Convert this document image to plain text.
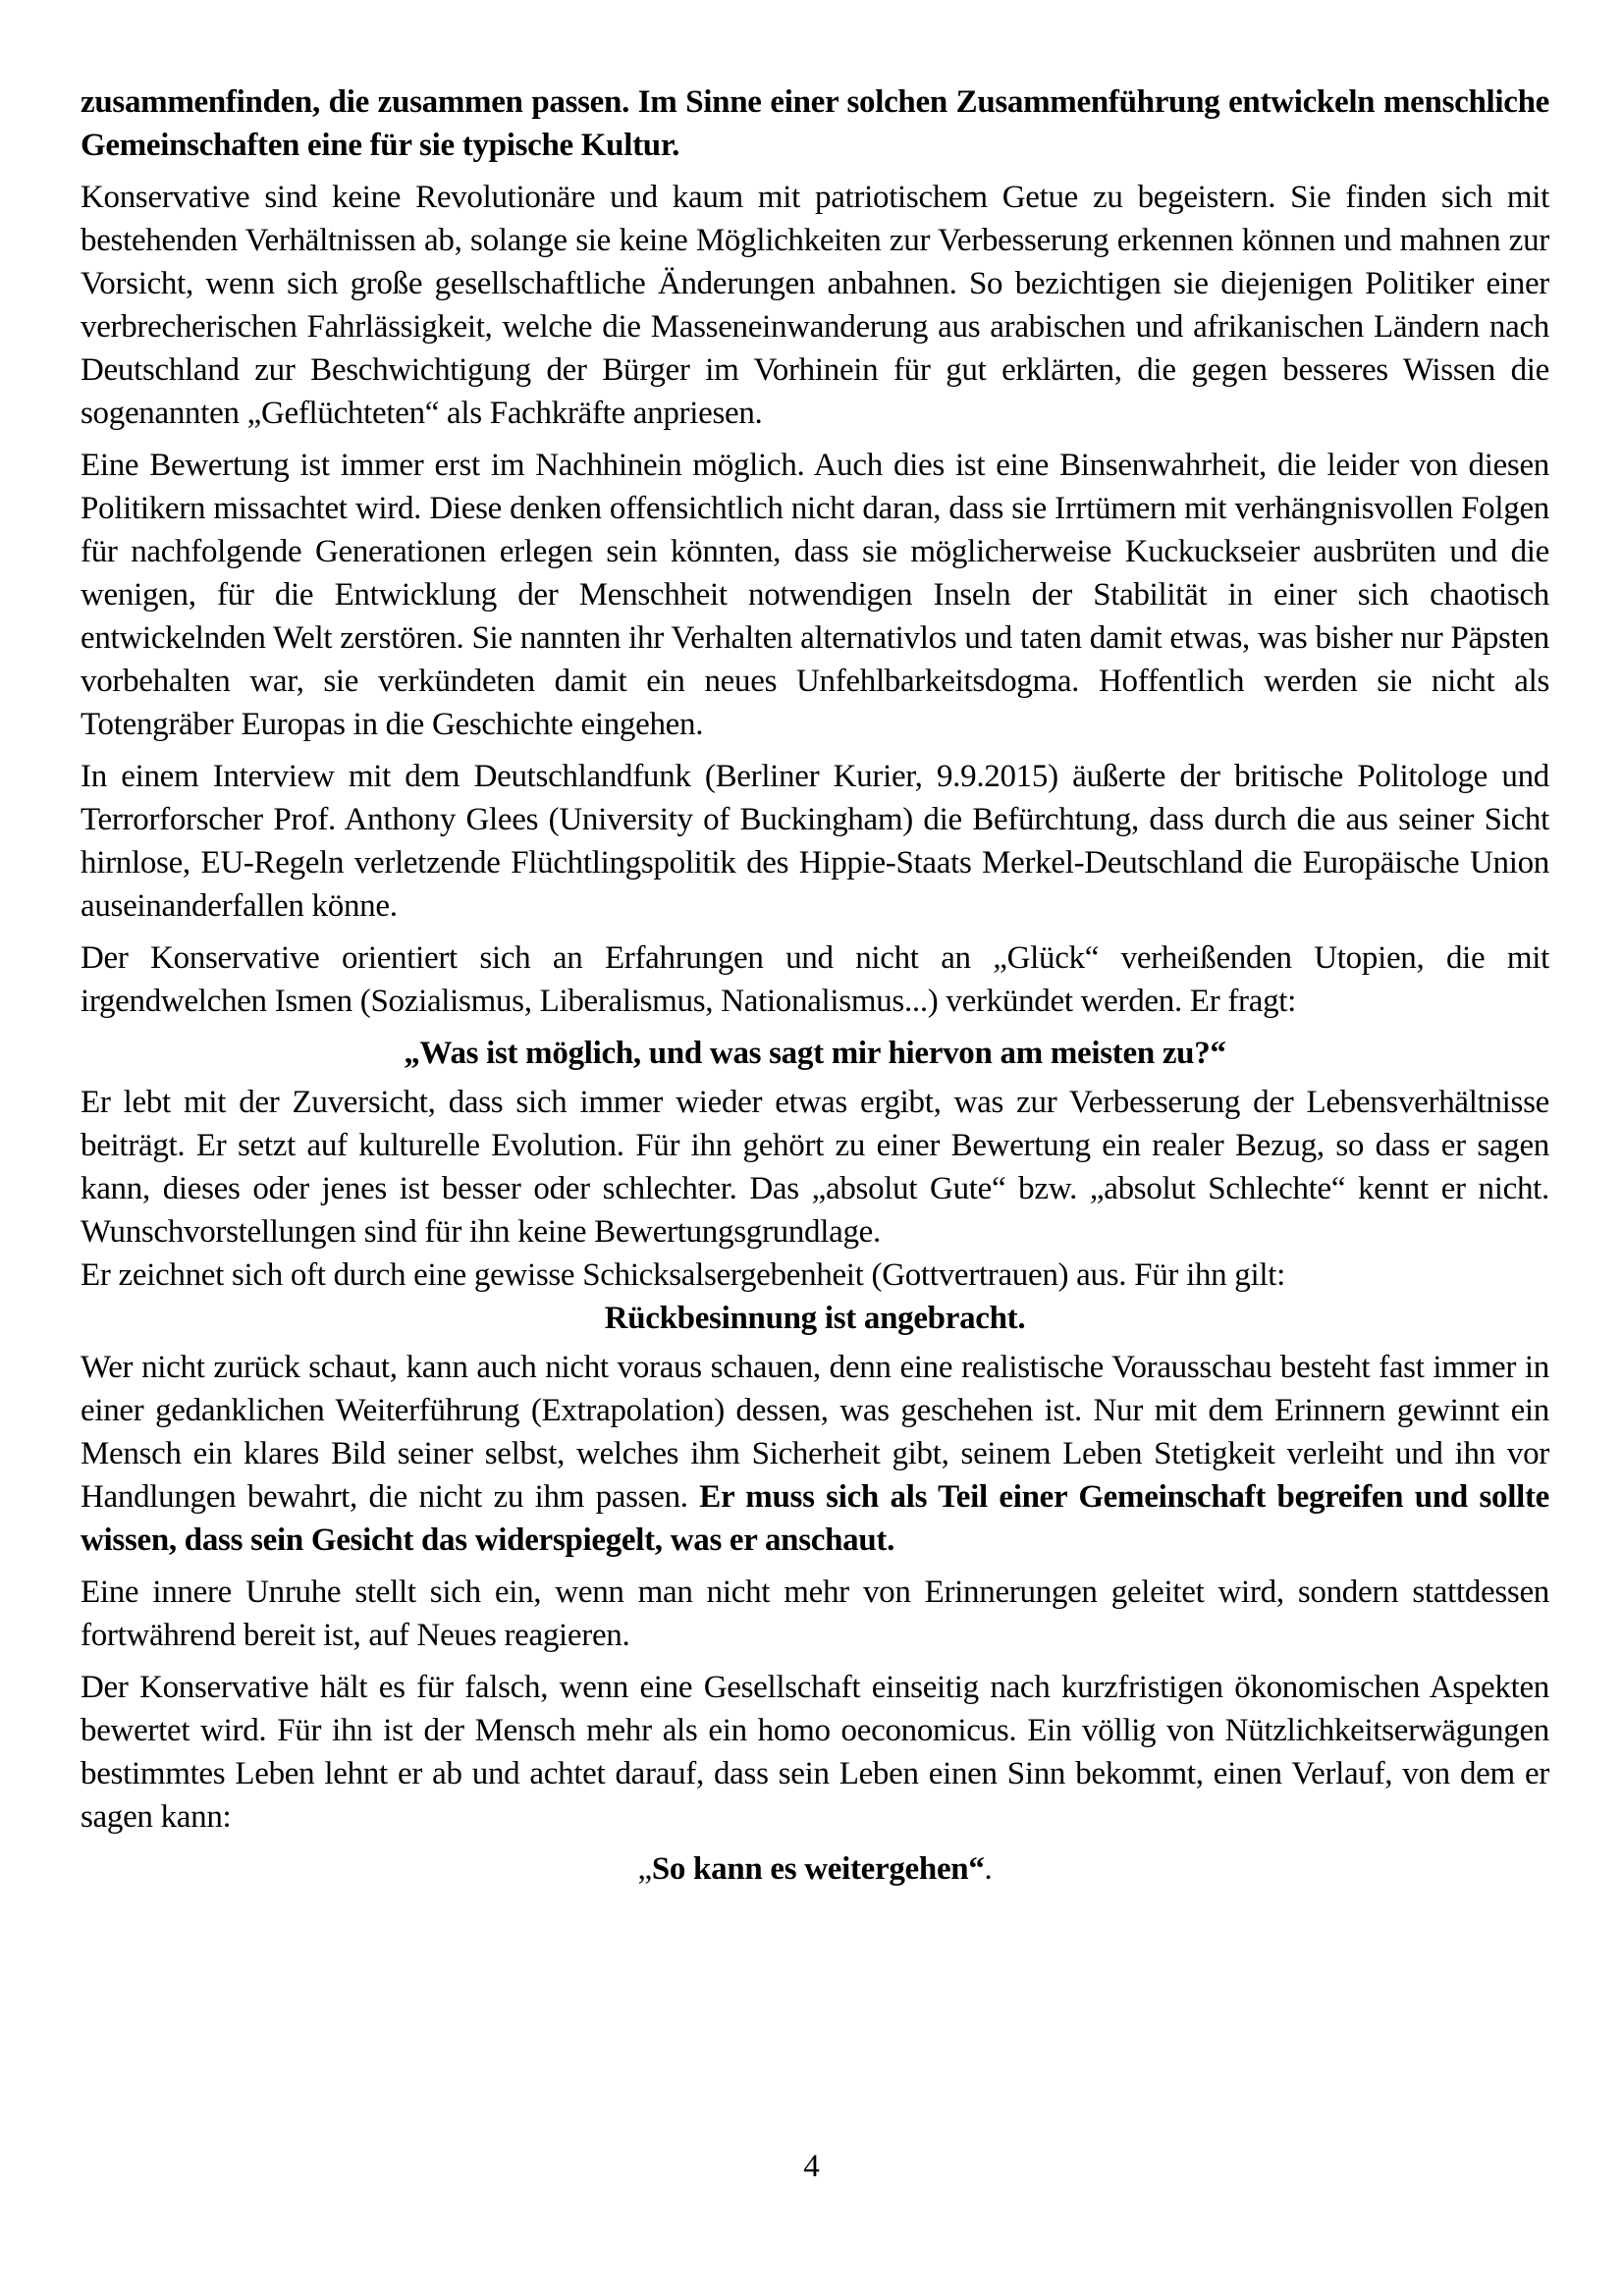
zusammenfinden, die zusammen passen. Im Sinne einer solchen Zusammenführung entwickeln menschliche Gemeinschaften eine für sie typische Kultur.

Konservative sind keine Revolutionäre und kaum mit patriotischem Getue zu begeistern. Sie finden sich mit bestehenden Verhältnissen ab, solange sie keine Möglichkeiten zur Verbesserung erkennen können und mahnen zur Vorsicht, wenn sich große gesellschaftliche Änderungen anbahnen. So bezichtigen sie diejenigen Politiker einer verbrecherischen Fahrlässigkeit, welche die Masseneinwanderung aus arabischen und afrikanischen Ländern nach Deutschland zur Beschwichtigung der Bürger im Vorhinein für gut erklärten, die gegen besseres Wissen die sogenannten „Geflüchteten“ als Fachkräfte anpriesen.

Eine Bewertung ist immer erst im Nachhinein möglich. Auch dies ist eine Binsenwahrheit, die leider von diesen Politikern missachtet wird. Diese denken offensichtlich nicht daran, dass sie Irrtümern mit verhängnisvollen Folgen für nachfolgende Generationen erlegen sein könnten, dass sie möglicherweise Kuckuckseier ausbrüten und die wenigen, für die Entwicklung der Menschheit notwendigen Inseln der Stabilität in einer sich chaotisch entwickelnden Welt zerstören. Sie nannten ihr Verhalten alternativlos und taten damit etwas, was bisher nur Päpsten vorbehalten war, sie verkündeten damit ein neues Unfehlbarkeitsdogma. Hoffentlich werden sie nicht als Totengräber Europas in die Geschichte eingehen.

In einem Interview mit dem Deutschlandfunk (Berliner Kurier, 9.9.2015) äußerte der britische Politologe und Terrorforscher Prof. Anthony Glees (University of Buckingham) die Befürchtung, dass durch die aus seiner Sicht hirnlose, EU-Regeln verletzende Flüchtlingspolitik des Hippie-Staats Merkel-Deutschland die Europäische Union auseinanderfallen könne.

Der Konservative orientiert sich an Erfahrungen und nicht an „Glück“ verheißenden Utopien, die mit irgendwelchen Ismen (Sozialismus, Liberalismus, Nationalismus...) verkündet werden. Er fragt:

„Was ist möglich, und was sagt mir hiervon am meisten zu?“

Er lebt mit der Zuversicht, dass sich immer wieder etwas ergibt, was zur Verbesserung der Lebensverhältnisse beiträgt. Er setzt auf kulturelle Evolution. Für ihn gehört zu einer Bewertung ein realer Bezug, so dass er sagen kann, dieses oder jenes ist besser oder schlechter. Das „absolut Gute“ bzw. „absolut Schlechte“ kennt er nicht. Wunschvorstellungen sind für ihn keine Bewertungsgrundlage.

Er zeichnet sich oft durch eine gewisse Schicksalsergebenheit (Gottvertrauen) aus. Für ihn gilt:

Rückbesinnung ist angebracht.

Wer nicht zurück schaut, kann auch nicht voraus schauen, denn eine realistische Vorausschau besteht fast immer in einer gedanklichen Weiterführung (Extrapolation) dessen, was geschehen ist. Nur mit dem Erinnern gewinnt ein Mensch ein klares Bild seiner selbst, welches ihm Sicherheit gibt, seinem Leben Stetigkeit verleiht und ihn vor Handlungen bewahrt, die nicht zu ihm passen. Er muss sich als Teil einer Gemeinschaft begreifen und sollte wissen, dass sein Gesicht das widerspiegelt, was er anschaut.

Eine innere Unruhe stellt sich ein, wenn man nicht mehr von Erinnerungen geleitet wird, sondern stattdessen fortwährend bereit ist, auf Neues reagieren.

Der Konservative hält es für falsch, wenn eine Gesellschaft einseitig nach kurzfristigen ökonomischen Aspekten bewertet wird. Für ihn ist der Mensch mehr als ein homo oeconomicus. Ein völlig von Nützlichkeitserwägungen bestimmtes Leben lehnt er ab und achtet darauf, dass sein Leben einen Sinn bekommt, einen Verlauf, von dem er sagen kann:

„So kann es weitergehen“.

4
